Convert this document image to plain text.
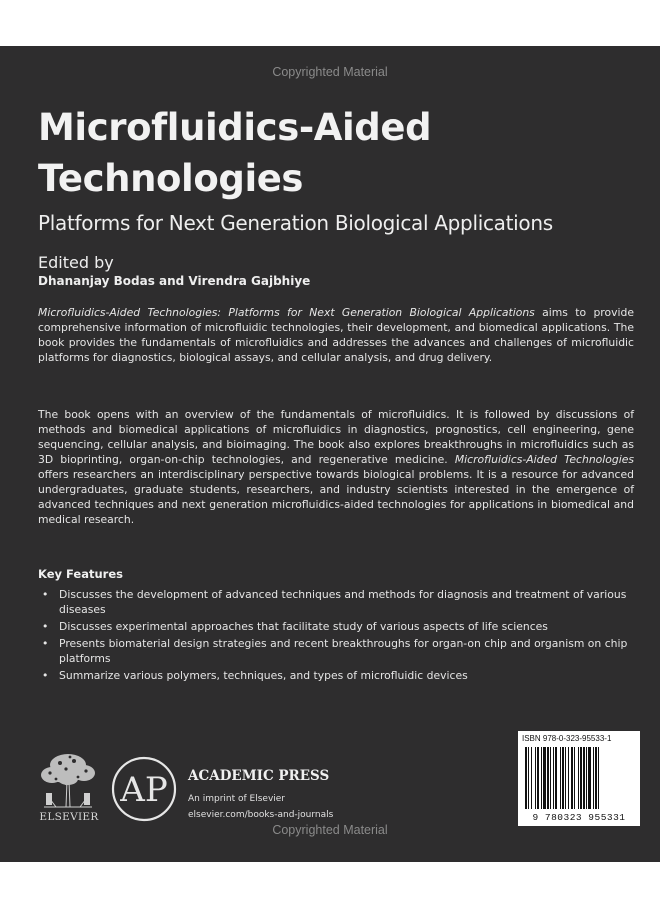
Copyrighted Material
Microfluidics-Aided
Technologies

Platforms for Next Generation Biological Applications

Edited by
Dhananjay Bodas and Virendra Gajbhiye

Microfluidics-Aided Technologies: Platforms for Next Generation Biological Applications aims to provide comprehensive information of microfluidic technologies, their development, and biomedical applications. The book provides the fundamentals of microfluidics and addresses the advances and challenges of microfluidic platforms for diagnostics, biological assays, and cellular analysis, and drug delivery.

The book opens with an overview of the fundamentals of microfluidics. It is followed by discussions of methods and biomedical applications of microfluidics in diagnostics, prognostics, cell engineering, gene sequencing, cellular analysis, and bioimaging. The book also explores breakthroughs in microfluidics such as 3D bioprinting, organ-on-chip technologies, and regenerative medicine. Microfluidics-Aided Technologies offers researchers an interdisciplinary perspective towards biological problems. It is a resource for advanced undergraduates, graduate students, researchers, and industry scientists interested in the emergence of advanced techniques and next generation microfluidics-aided technologies for applications in biomedical and medical research.

Key Features
• Discusses the development of advanced techniques and methods for diagnosis and treatment of various diseases
• Discusses experimental approaches that facilitate study of various aspects of life sciences
• Presents biomaterial design strategies and recent breakthroughs for organ-on chip and organism on chip platforms
• Summarize various polymers, techniques, and types of microfluidic devices
ELSEVIER
AP ACADEMIC PRESS
An imprint of Elsevier
elsevier.com/books-and-journals
ISBN 978-0-323-95533-1
9 780323 955331
Copyrighted Material
